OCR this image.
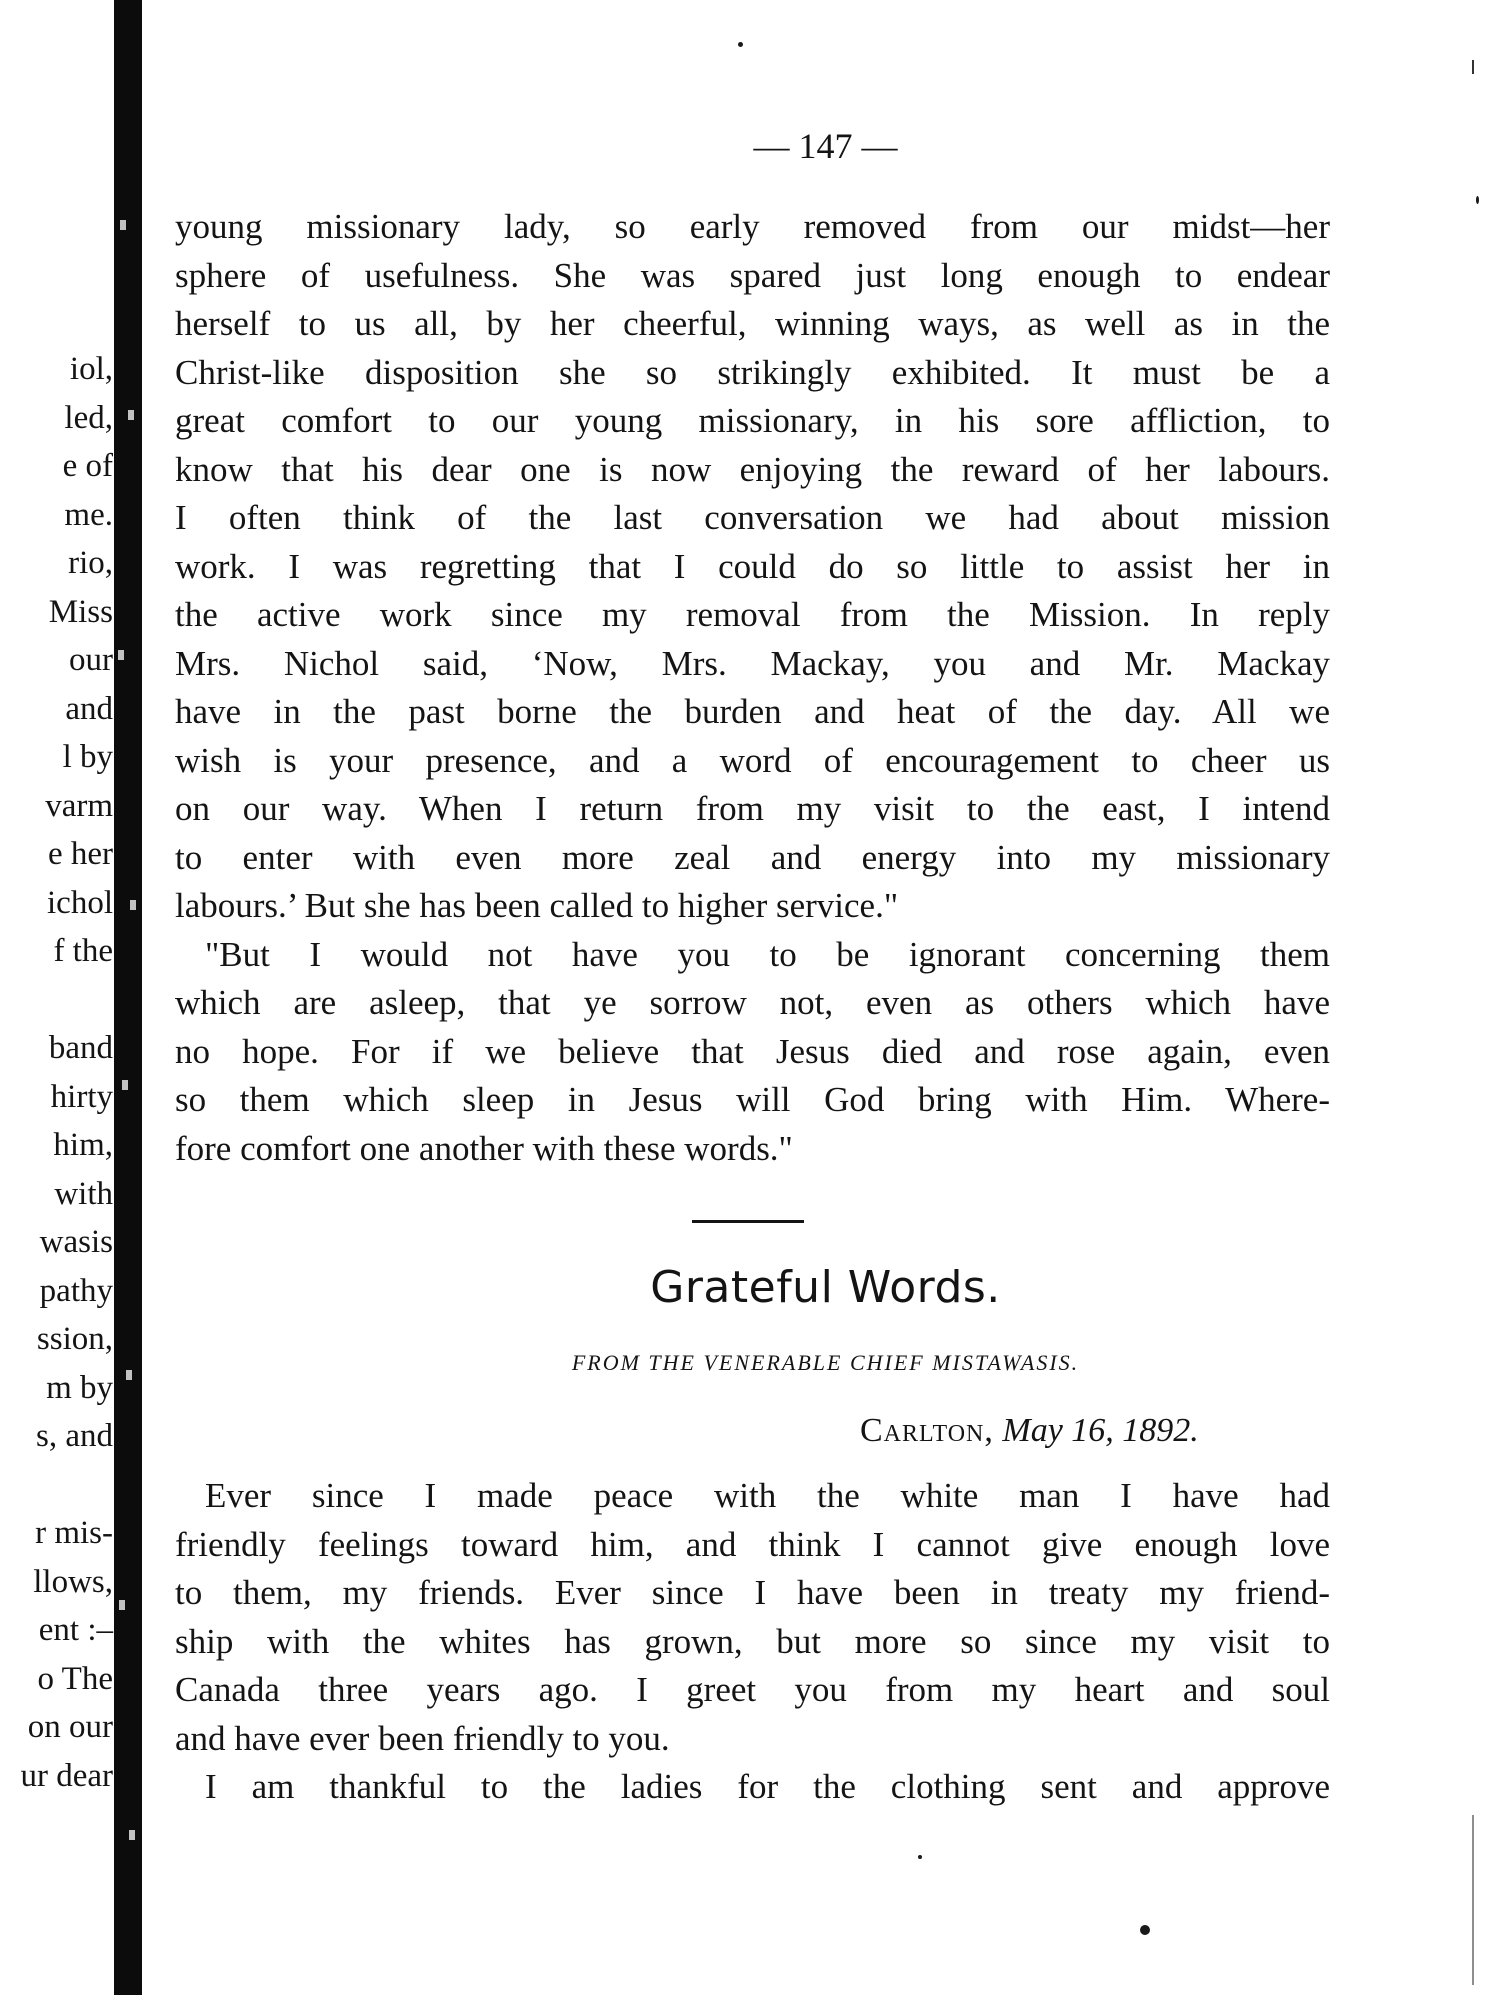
iol,
led,
e of
me.
rio,
Miss
our
and
l by
varm
e her
ichol
f the
band
hirty
him,
with
wasis
pathy
ssion,
m by
s, and
r mis-
llows,
ent :–
o The
on our
ur dear
— 147 —
young missionary lady, so early removed from our midst—her
sphere of usefulness. She was spared just long enough to endear
herself to us all, by her cheerful, winning ways, as well as in the
Christ-like disposition she so strikingly exhibited. It must be a
great comfort to our young missionary, in his sore affliction, to
know that his dear one is now enjoying the reward of her labours.
I often think of the last conversation we had about mission
work. I was regretting that I could do so little to assist her in
the active work since my removal from the Mission. In reply
Mrs. Nichol said, ‘Now, Mrs. Mackay, you and Mr. Mackay
have in the past borne the burden and heat of the day. All we
wish is your presence, and a word of encouragement to cheer us
on our way. When I return from my visit to the east, I intend
to enter with even more zeal and energy into my missionary
labours.’ But she has been called to higher service."
"But I would not have you to be ignorant concerning them
which are asleep, that ye sorrow not, even as others which have
no hope. For if we believe that Jesus died and rose again, even
so them which sleep in Jesus will God bring with Him. Where-
fore comfort one another with these words."
Grateful Words.
FROM THE VENERABLE CHIEF MISTAWASIS.
Carlton, May 16, 1892.
Ever since I made peace with the white man I have had
friendly feelings toward him, and think I cannot give enough love
to them, my friends. Ever since I have been in treaty my friend-
ship with the whites has grown, but more so since my visit to
Canada three years ago. I greet you from my heart and soul
and have ever been friendly to you.
I am thankful to the ladies for the clothing sent and approve
